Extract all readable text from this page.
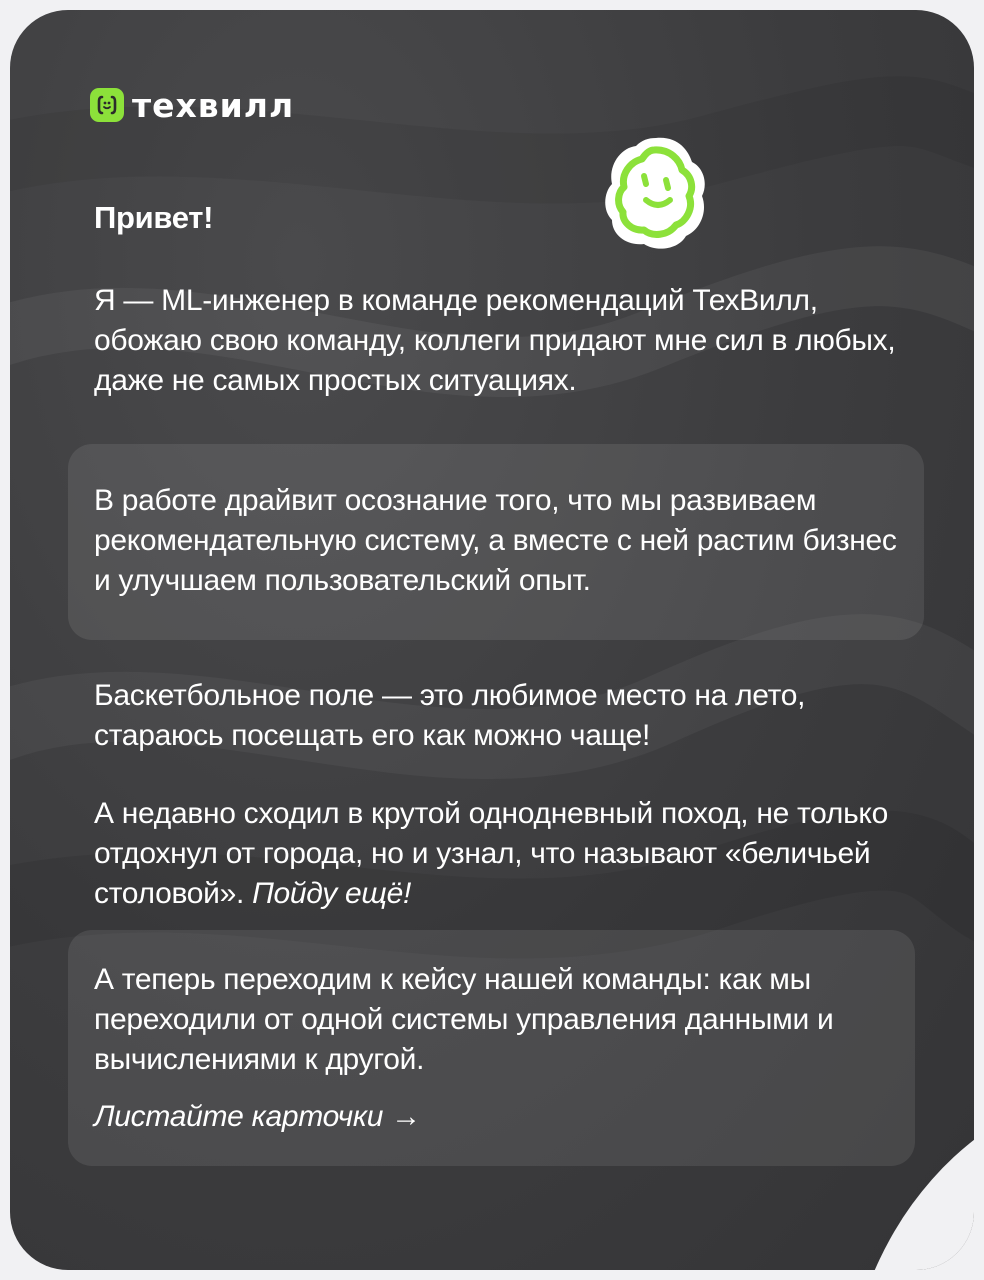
техвилл
Привет!
Я — ML-инженер в команде рекомендаций ТехВилл, обожаю свою команду, коллеги придают мне сил в любых, даже не самых простых ситуациях.
В работе драйвит осознание того, что мы развиваем рекомендательную систему, а вместе с ней растим бизнес и улучшаем пользовательский опыт.
Баскетбольное поле — это любимое место на лето, стараюсь посещать его как можно чаще!
А недавно сходил в крутой однодневный поход, не только отдохнул от города, но и узнал, что называют «беличьей столовой». Пойду ещё!
А теперь переходим к кейсу нашей команды: как мы переходили от одной системы управления данными и вычислениями к другой.
Листайте карточки →
